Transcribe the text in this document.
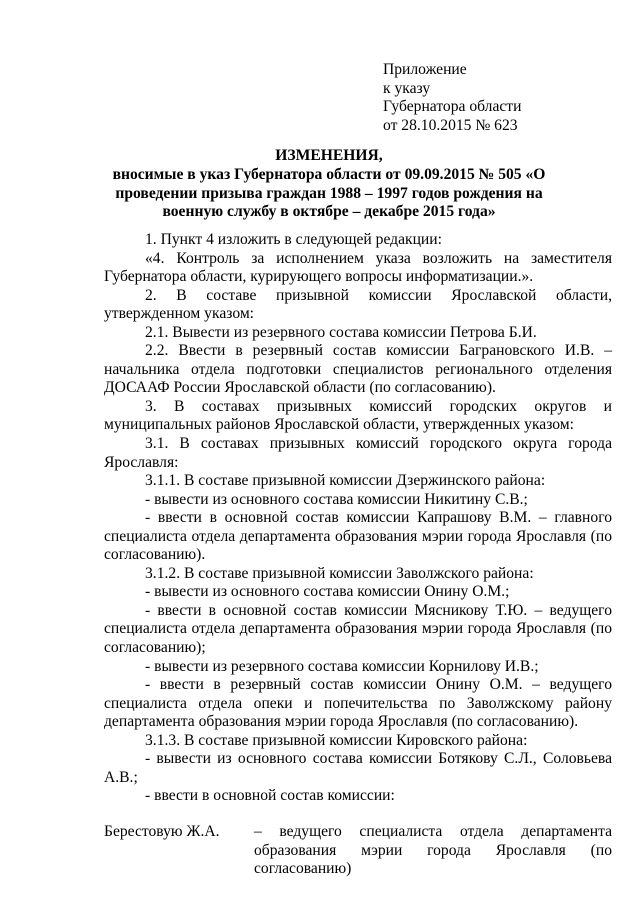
Приложение
к указу
Губернатора области
от 28.10.2015 № 623
ИЗМЕНЕНИЯ,
вносимые в указ Губернатора области от 09.09.2015 № 505 «О проведении призыва граждан 1988 – 1997 годов рождения на военную службу в октябре – декабре 2015 года»

1. Пункт 4 изложить в следующей редакции:

«4. Контроль за исполнением указа возложить на заместителя Губернатора области, курирующего вопросы информатизации.».

2. В составе призывной комиссии Ярославской области, утвержденном указом:

2.1. Вывести из резервного состава комиссии Петрова Б.И.

2.2. Ввести в резервный состав комиссии Баграновского И.В. – начальника отдела подготовки специалистов регионального отделения ДОСААФ России Ярославской области (по согласованию).

3. В составах призывных комиссий городских округов и муниципальных районов Ярославской области, утвержденных указом:

3.1. В составах призывных комиссий городского округа города Ярославля:

3.1.1. В составе призывной комиссии Дзержинского района:

- вывести из основного состава комиссии Никитину С.В.;

- ввести в основной состав комиссии Капрашову В.М. – главного специалиста отдела департамента образования мэрии города Ярославля (по согласованию).

3.1.2. В составе призывной комиссии Заволжского района:

- вывести из основного состава комиссии Онину О.М.;

- ввести в основной состав комиссии Мясникову Т.Ю. – ведущего специалиста отдела департамента образования мэрии города Ярославля (по согласованию);

- вывести из резервного состава комиссии Корнилову И.В.;

- ввести в резервный состав комиссии Онину О.М. – ведущего специалиста отдела опеки и попечительства по Заволжскому району департамента образования мэрии города Ярославля (по согласованию).

3.1.3. В составе призывной комиссии Кировского района:

- вывести из основного состава комиссии Ботякову С.Л., Соловьева А.В.;

- ввести в основной состав комиссии:

Берестовую Ж.А.	– ведущего специалиста отдела департамента образования мэрии города Ярославля (по согласованию)
